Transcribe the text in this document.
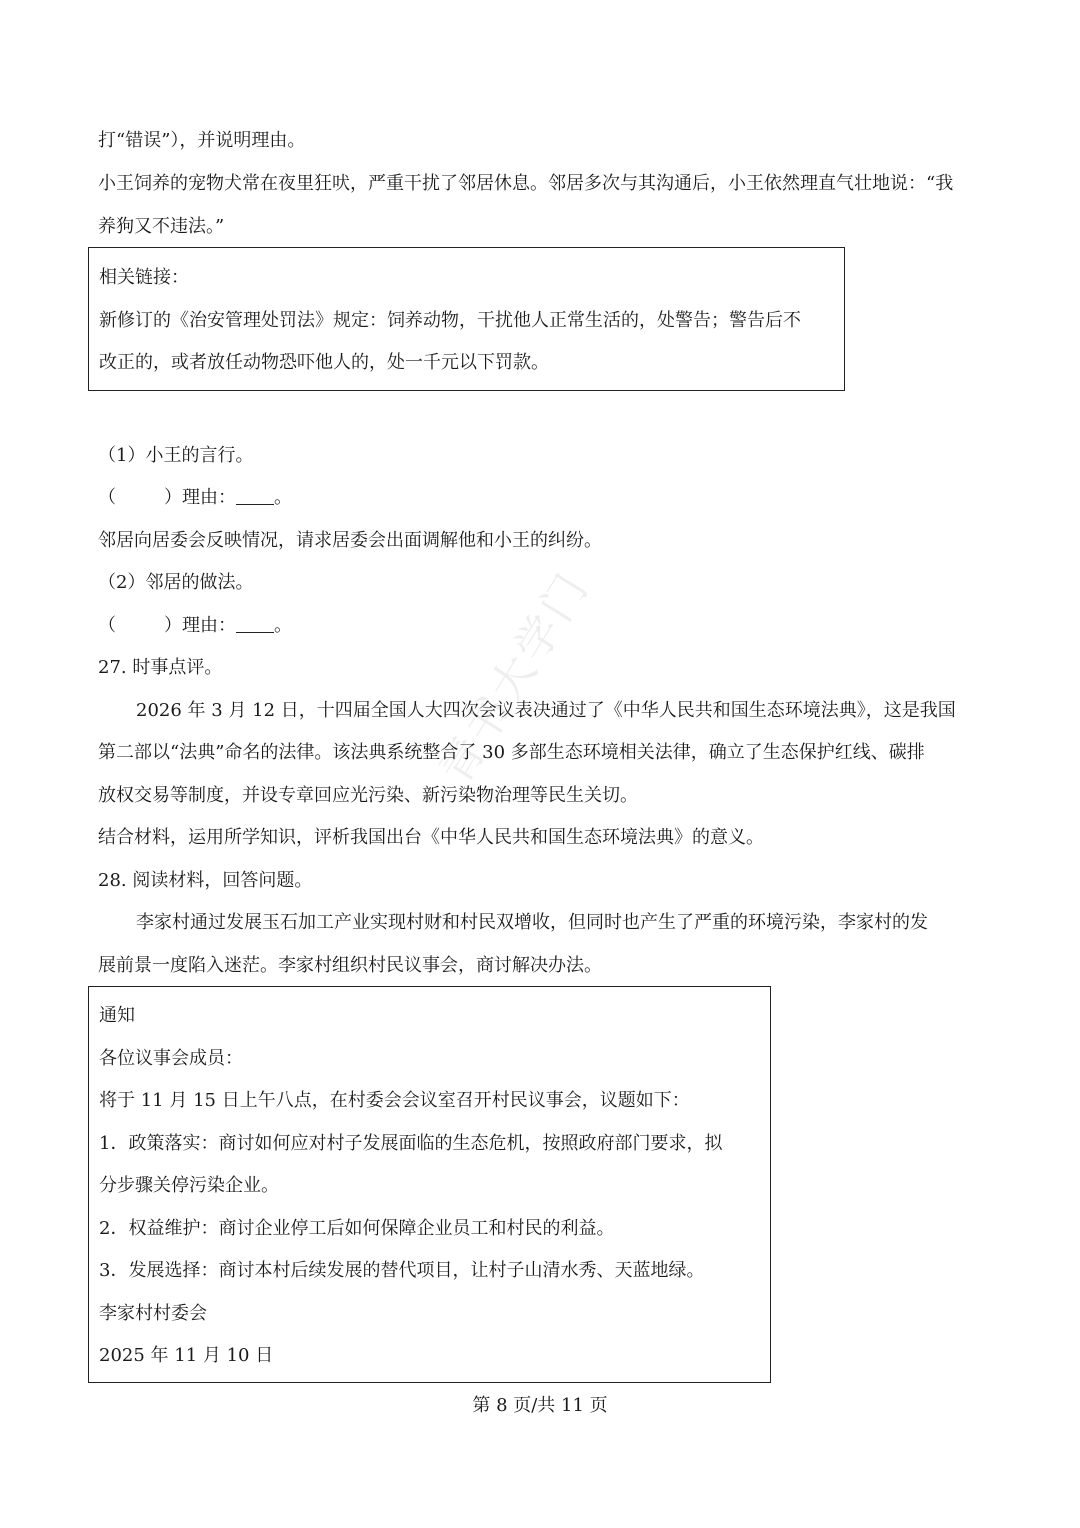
青书大学门
打“错误”），并说明理由。
小王饲养的宠物犬常在夜里狂吠，严重干扰了邻居休息。邻居多次与其沟通后，小王依然理直气壮地说：“我
养狗又不违法。”
相关链接：
新修订的《治安管理处罚法》规定：饲养动物，干扰他人正常生活的，处警告；警告后不
改正的，或者放任动物恐吓他人的，处一千元以下罚款。
（1）小王的言行。
（	）理由： 。
邻居向居委会反映情况，请求居委会出面调解他和小王的纠纷。
（2）邻居的做法。
（	）理由： 。
27. 时事点评。
2026 年 3 月 12 日，十四届全国人大四次会议表决通过了《中华人民共和国生态环境法典》，这是我国
第二部以“法典”命名的法律。该法典系统整合了 30 多部生态环境相关法律，确立了生态保护红线、碳排
放权交易等制度，并设专章回应光污染、新污染物治理等民生关切。
结合材料，运用所学知识，评析我国出台《中华人民共和国生态环境法典》的意义。
28. 阅读材料，回答问题。
李家村通过发展玉石加工产业实现村财和村民双增收，但同时也产生了严重的环境污染，李家村的发
展前景一度陷入迷茫。李家村组织村民议事会，商讨解决办法。
通知
各位议事会成员：
将于 11 月 15 日上午八点，在村委会会议室召开村民议事会，议题如下：
1．政策落实：商讨如何应对村子发展面临的生态危机，按照政府部门要求，拟
分步骤关停污染企业。
2．权益维护：商讨企业停工后如何保障企业员工和村民的利益。
3．发展选择：商讨本村后续发展的替代项目，让村子山清水秀、天蓝地绿。
李家村村委会
2025 年 11 月 10 日
第 8 页/共 11 页
